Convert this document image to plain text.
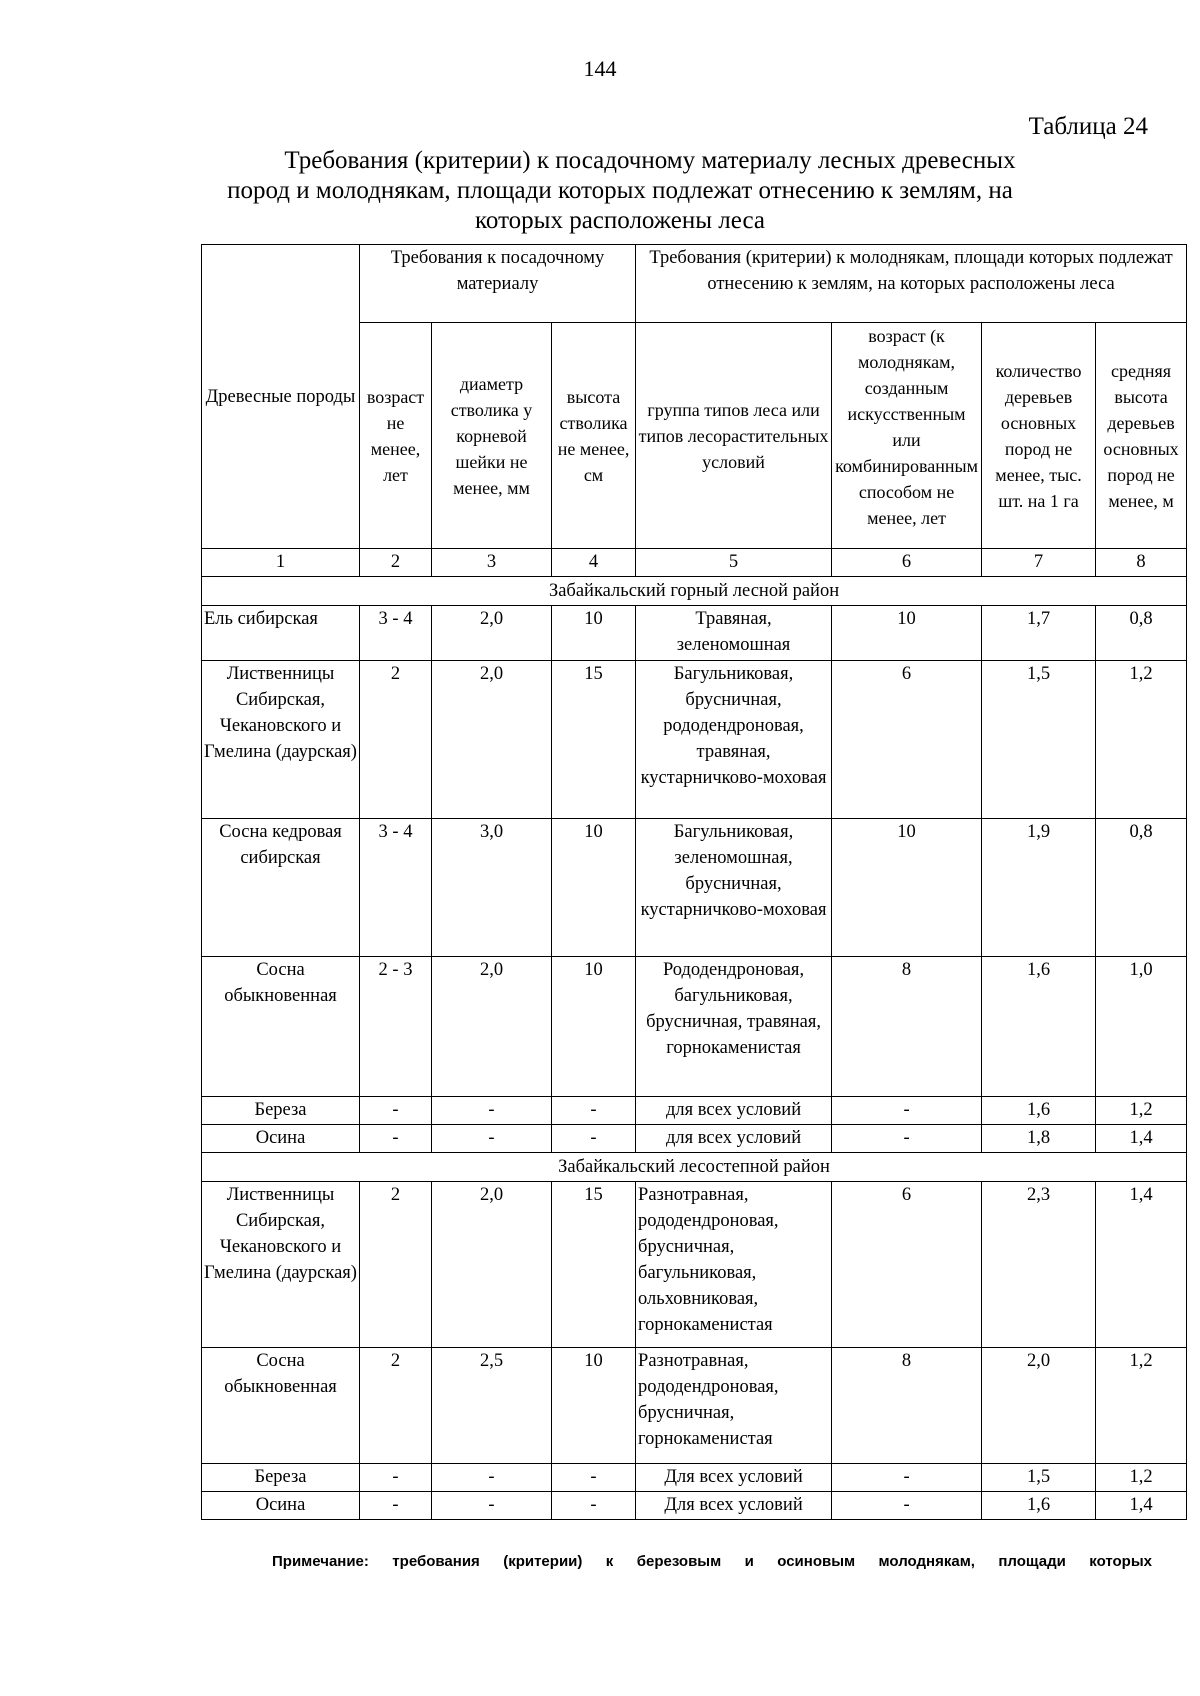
144
Таблица 24
Требования (критерии) к посадочному материалу лесных древесных
пород и молоднякам, площади которых подлежат отнесению к землям, на
которых расположены леса
Древесные породы	Требования к посадочному материалу			Требования (критерии) к молоднякам, площади которых подлежат отнесению к землям, на которых расположены леса			
	возраст не менее, лет	диаметр стволика у корневой шейки не менее, мм	высота стволика не менее, см	группа типов леса или типов лесорастительных условий	возраст (к молоднякам, созданным искусственным или комбинированным способом не менее, лет	количество деревьев основных пород не менее, тыс. шт. на 1 га	средняя высота деревьев основных пород не менее, м
1	2	3	4	5	6	7	8
Забайкальский горный лесной район							
Ель сибирская	3 - 4	2,0	10	Травяная, зеленомошная	10	1,7	0,8
Лиственницы Сибирская, Чекановского и Гмелина (даурская)	2	2,0	15	Багульниковая, брусничная, рододендроновая, травяная, кустарничково-моховая	6	1,5	1,2
Сосна кедровая сибирская	3 - 4	3,0	10	Багульниковая, зеленомошная, брусничная, кустарничково-моховая	10	1,9	0,8
Сосна обыкновенная	2 - 3	2,0	10	Рододендроновая, багульниковая, брусничная, травяная, горнокаменистая	8	1,6	1,0
Береза	-	-	-	для всех условий	-	1,6	1,2
Осина	-	-	-	для всех условий	-	1,8	1,4
Забайкальский лесостепной район							
Лиственницы Сибирская, Чекановского и Гмелина (даурская)	2	2,0	15	Разнотравная, рододендроновая, брусничная, багульниковая, ольховниковая, горнокаменистая	6	2,3	1,4
Сосна обыкновенная	2	2,5	10	Разнотравная, рододендроновая, брусничная, горнокаменистая	8	2,0	1,2
Береза	-	-	-	Для всех условий	-	1,5	1,2
Осина	-	-	-	Для всех условий	-	1,6	1,4
Примечание: требования (критерии) к березовым и осиновым молоднякам, площади которых
